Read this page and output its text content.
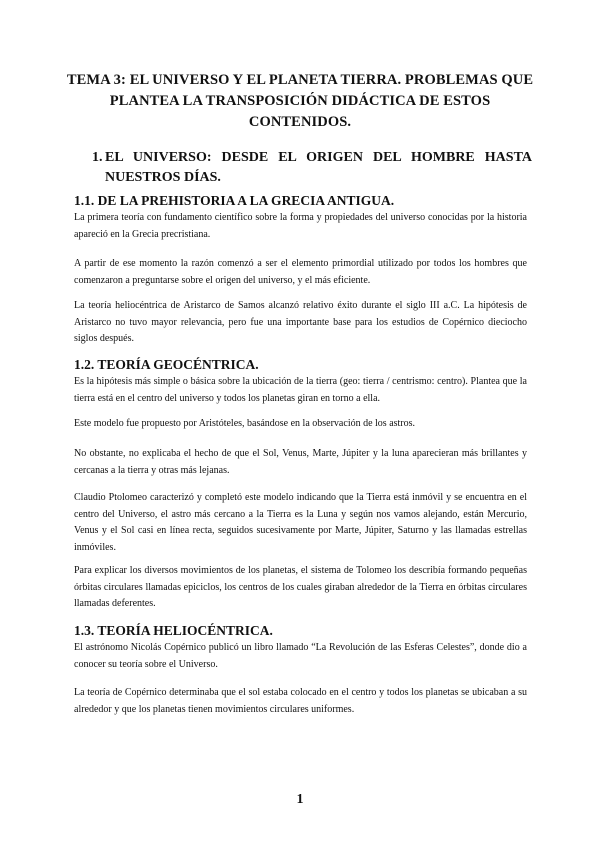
TEMA 3: EL UNIVERSO Y EL PLANETA TIERRA. PROBLEMAS QUE PLANTEA LA TRANSPOSICIÓN DIDÁCTICA DE ESTOS CONTENIDOS.
1. EL UNIVERSO: DESDE EL ORIGEN DEL HOMBRE HASTA NUESTROS DÍAS.
1.1. DE LA PREHISTORIA A LA GRECIA ANTIGUA.
La primera teoría con fundamento científico sobre la forma y propiedades del universo conocidas por la historia apareció en la Grecia precristiana.
A partir de ese momento la razón comenzó a ser el elemento primordial utilizado por todos los hombres que comenzaron a preguntarse sobre el origen del universo, y el más eficiente.
La teoría heliocéntrica de Aristarco de Samos alcanzó relativo éxito durante el siglo III a.C. La hipótesis de Aristarco no tuvo mayor relevancia, pero fue una importante base para los estudios de Copérnico dieciocho siglos después.
1.2. TEORÍA GEOCÉNTRICA.
Es la hipótesis más simple o básica sobre la ubicación de la tierra (geo: tierra / centrismo: centro). Plantea que la tierra está en el centro del universo y todos los planetas giran en torno a ella.
Este modelo fue propuesto por Aristóteles, basándose en la observación de los astros.
No obstante, no explicaba el hecho de que el Sol, Venus, Marte, Júpiter y la luna aparecieran más brillantes y cercanas a la tierra y otras más lejanas.
Claudio Ptolomeo caracterizó y completó este modelo indicando que la Tierra está inmóvil y se encuentra en el centro del Universo, el astro más cercano a la Tierra es la Luna y según nos vamos alejando, están Mercurio, Venus y el Sol casi en línea recta, seguidos sucesivamente por Marte, Júpiter, Saturno y las llamadas estrellas inmóviles.
Para explicar los diversos movimientos de los planetas, el sistema de Tolomeo los describía formando pequeñas órbitas circulares llamadas epiciclos, los centros de los cuales giraban alrededor de la Tierra en órbitas circulares llamadas deferentes.
1.3. TEORÍA HELIOCÉNTRICA.
El astrónomo Nicolás Copérnico publicó un libro llamado “La Revolución de las Esferas Celestes”, donde dio a conocer su teoría sobre el Universo.
La teoría de Copérnico determinaba que el sol estaba colocado en el centro y todos los planetas se ubicaban a su alrededor y que los planetas tienen movimientos circulares uniformes.
1
